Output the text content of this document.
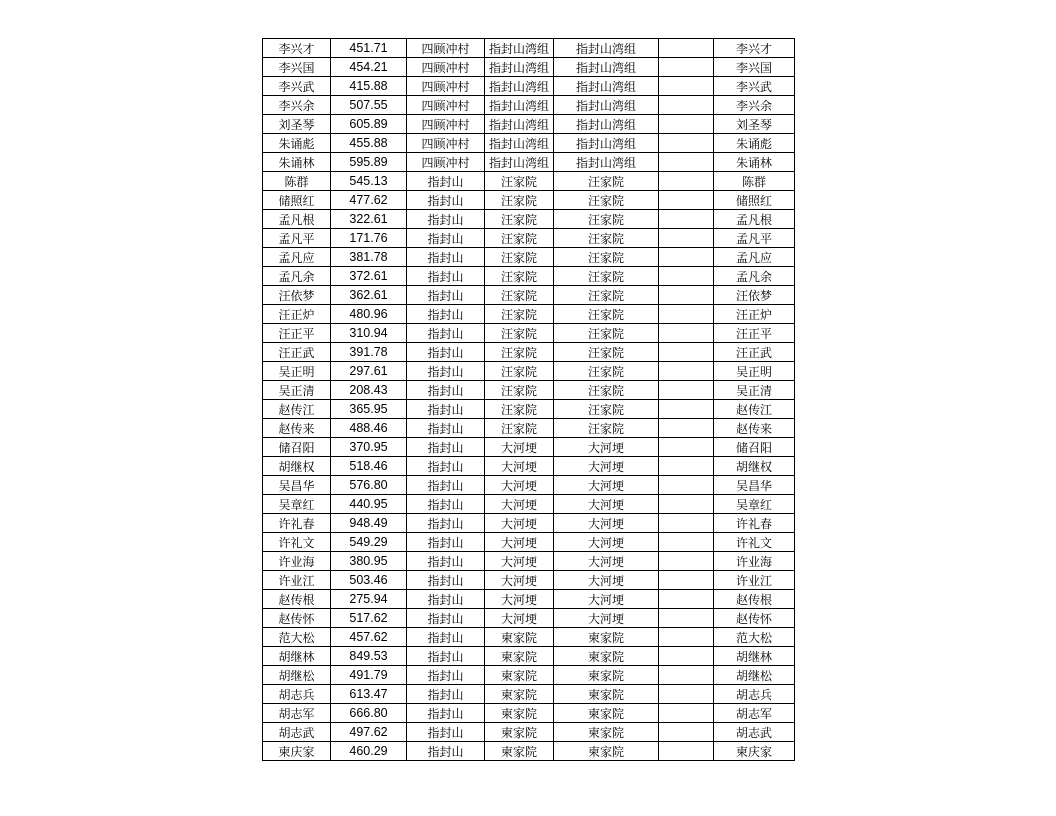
李兴才	451.71	四顾冲村	指封山湾组	指封山湾组		李兴才
李兴国	454.21	四顾冲村	指封山湾组	指封山湾组		李兴国
李兴武	415.88	四顾冲村	指封山湾组	指封山湾组		李兴武
李兴余	507.55	四顾冲村	指封山湾组	指封山湾组		李兴余
刘圣琴	605.89	四顾冲村	指封山湾组	指封山湾组		刘圣琴
朱诵彪	455.88	四顾冲村	指封山湾组	指封山湾组		朱诵彪
朱诵林	595.89	四顾冲村	指封山湾组	指封山湾组		朱诵林
陈群	545.13	指封山	汪家院	汪家院		陈群
储照红	477.62	指封山	汪家院	汪家院		储照红
孟凡根	322.61	指封山	汪家院	汪家院		孟凡根
孟凡平	171.76	指封山	汪家院	汪家院		孟凡平
孟凡应	381.78	指封山	汪家院	汪家院		孟凡应
孟凡余	372.61	指封山	汪家院	汪家院		孟凡余
汪依梦	362.61	指封山	汪家院	汪家院		汪依梦
汪正炉	480.96	指封山	汪家院	汪家院		汪正炉
汪正平	310.94	指封山	汪家院	汪家院		汪正平
汪正武	391.78	指封山	汪家院	汪家院		汪正武
吴正明	297.61	指封山	汪家院	汪家院		吴正明
吴正清	208.43	指封山	汪家院	汪家院		吴正清
赵传江	365.95	指封山	汪家院	汪家院		赵传江
赵传来	488.46	指封山	汪家院	汪家院		赵传来
储召阳	370.95	指封山	大河埂	大河埂		储召阳
胡继权	518.46	指封山	大河埂	大河埂		胡继权
吴昌华	576.80	指封山	大河埂	大河埂		吴昌华
吴章红	440.95	指封山	大河埂	大河埂		吴章红
许礼春	948.49	指封山	大河埂	大河埂		许礼春
许礼文	549.29	指封山	大河埂	大河埂		许礼文
许业海	380.95	指封山	大河埂	大河埂		许业海
许业江	503.46	指封山	大河埂	大河埂		许业江
赵传根	275.94	指封山	大河埂	大河埂		赵传根
赵传怀	517.62	指封山	大河埂	大河埂		赵传怀
范大松	457.62	指封山	柬家院	柬家院		范大松
胡继林	849.53	指封山	柬家院	柬家院		胡继林
胡继松	491.79	指封山	柬家院	柬家院		胡继松
胡志兵	613.47	指封山	柬家院	柬家院		胡志兵
胡志军	666.80	指封山	柬家院	柬家院		胡志军
胡志武	497.62	指封山	柬家院	柬家院		胡志武
柬庆家	460.29	指封山	柬家院	柬家院		柬庆家
